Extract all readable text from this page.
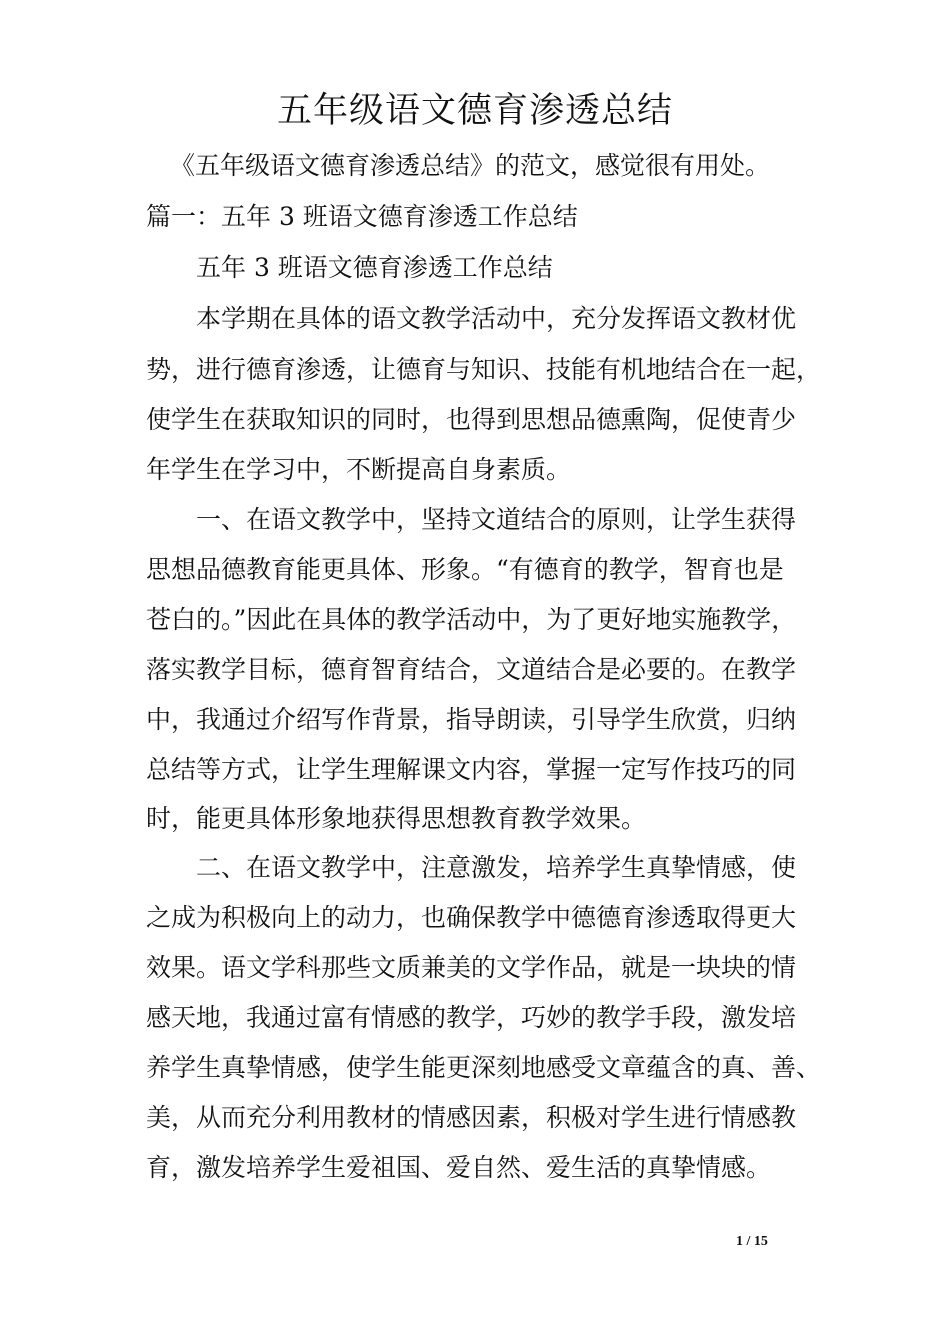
五年级语文德育渗透总结

《五年级语文德育渗透总结》的范文，感觉很有用处。

篇一：五年 3 班语文德育渗透工作总结

五年 3 班语文德育渗透工作总结

本学期在具体的语文教学活动中，充分发挥语文教材优

势，进行德育渗透，让德育与知识、技能有机地结合在一起，

使学生在获取知识的同时，也得到思想品德熏陶，促使青少

年学生在学习中，不断提高自身素质。

一、在语文教学中，坚持文道结合的原则，让学生获得

思想品德教育能更具体、形象。“有德育的教学，智育也是

苍白的。”因此在具体的教学活动中，为了更好地实施教学，

落实教学目标，德育智育结合，文道结合是必要的。在教学

中，我通过介绍写作背景，指导朗读，引导学生欣赏，归纳

总结等方式，让学生理解课文内容，掌握一定写作技巧的同

时，能更具体形象地获得思想教育教学效果。

二、在语文教学中，注意激发，培养学生真挚情感，使

之成为积极向上的动力，也确保教学中德德育渗透取得更大

效果。语文学科那些文质兼美的文学作品，就是一块块的情

感天地，我通过富有情感的教学，巧妙的教学手段，激发培

养学生真挚情感，使学生能更深刻地感受文章蕴含的真、善、

美，从而充分利用教材的情感因素，积极对学生进行情感教

育，激发培养学生爱祖国、爱自然、爱生活的真挚情感。

1 / 15
